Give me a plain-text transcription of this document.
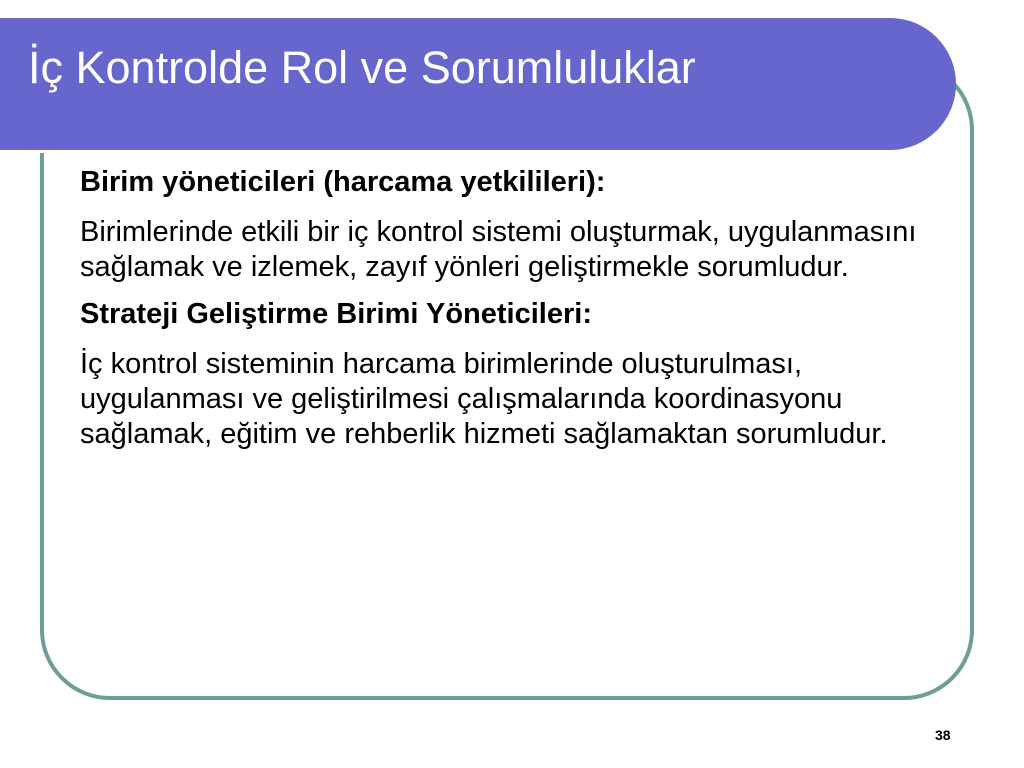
İç Kontrolde Rol ve Sorumluluklar

Birim yöneticileri (harcama yetkilileri):

Birimlerinde etkili bir iç kontrol sistemi oluşturmak, uygulanmasını sağlamak ve izlemek, zayıf yönleri geliştirmekle sorumludur.

Strateji Geliştirme Birimi Yöneticileri:

İç kontrol sisteminin harcama birimlerinde oluşturulması, uygulanması ve geliştirilmesi çalışmalarında koordinasyonu sağlamak, eğitim ve rehberlik hizmeti sağlamaktan sorumludur.

38
